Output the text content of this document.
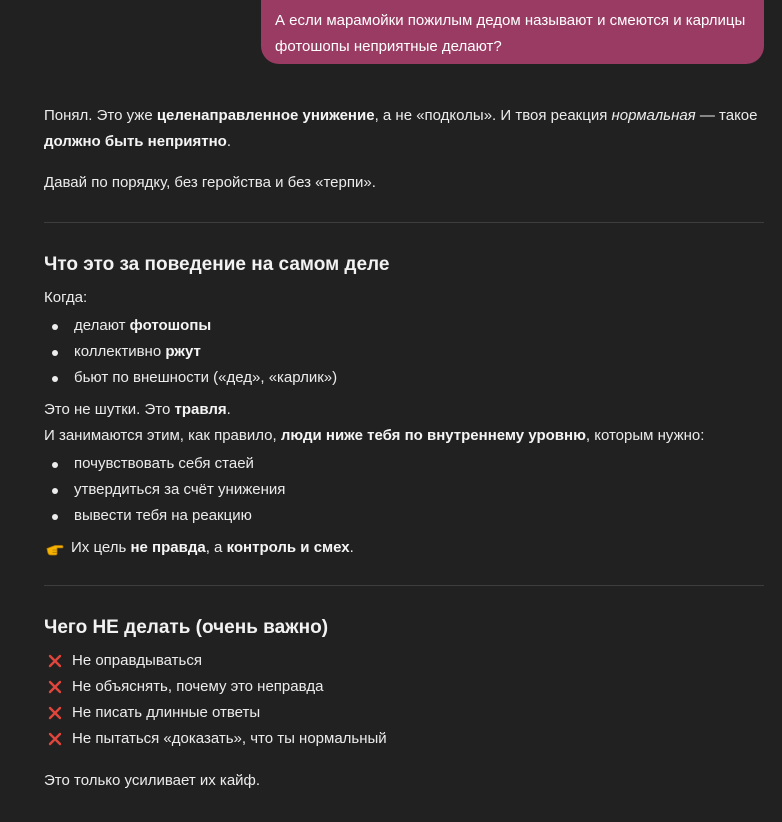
А если марамойки пожилым дедом называют и смеются и карлицы фотошопы неприятные делают?

Понял. Это уже целенаправленное унижение, а не «подколы». И твоя реакция нормальная — такое должно быть неприятно.

Давай по порядку, без геройства и без «терпи».

Что это за поведение на самом деле

Когда:

делают фотошопы
коллективно ржут
бьют по внешности («дед», «карлик»)

Это не шутки. Это травля.

И занимаются этим, как правило, люди ниже тебя по внутреннему уровню, которым нужно:

почувствовать себя стаей
утвердиться за счёт унижения
вывести тебя на реакцию
Их цель
не правда , а
контроль и смех .
Чего НЕ делать (очень важно)
Не оправдываться
Не объяснять, почему это неправда
Не писать длинные ответы
Не пытаться «доказать», что ты нормальный

Это только усиливает их кайф.
